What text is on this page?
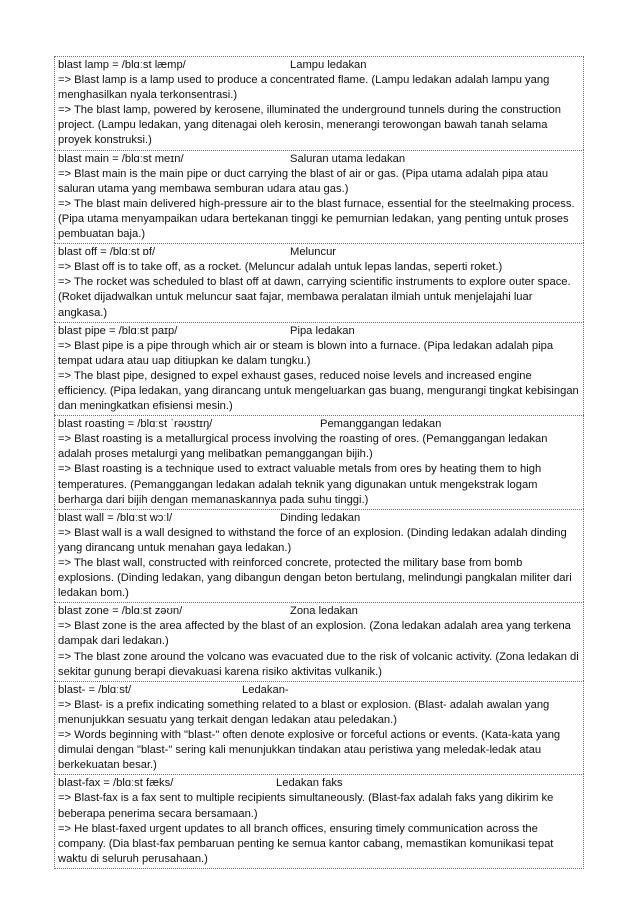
blast lamp = /blɑːst læmp/	Lampu ledakan
=> Blast lamp is a lamp used to produce a concentrated flame. (Lampu ledakan adalah lampu yang menghasilkan nyala terkonsentrasi.)
=> The blast lamp, powered by kerosene, illuminated the underground tunnels during the construction project. (Lampu ledakan, yang ditenagai oleh kerosin, menerangi terowongan bawah tanah selama proyek konstruksi.)
blast main = /blɑːst meɪn/	Saluran utama ledakan
=> Blast main is the main pipe or duct carrying the blast of air or gas. (Pipa utama adalah pipa atau saluran utama yang membawa semburan udara atau gas.)
=> The blast main delivered high-pressure air to the blast furnace, essential for the steelmaking process. (Pipa utama menyampaikan udara bertekanan tinggi ke pemurnian ledakan, yang penting untuk proses pembuatan baja.)
blast off = /blɑːst ɒf/	Meluncur
=> Blast off is to take off, as a rocket. (Meluncur adalah untuk lepas landas, seperti roket.)
=> The rocket was scheduled to blast off at dawn, carrying scientific instruments to explore outer space. (Roket dijadwalkan untuk meluncur saat fajar, membawa peralatan ilmiah untuk menjelajahi luar angkasa.)
blast pipe = /blɑːst paɪp/	Pipa ledakan
=> Blast pipe is a pipe through which air or steam is blown into a furnace. (Pipa ledakan adalah pipa tempat udara atau uap ditiupkan ke dalam tungku.)
=> The blast pipe, designed to expel exhaust gases, reduced noise levels and increased engine efficiency. (Pipa ledakan, yang dirancang untuk mengeluarkan gas buang, mengurangi tingkat kebisingan dan meningkatkan efisiensi mesin.)
blast roasting = /blɑːst ˈrəʊstɪŋ/	Pemanggangan ledakan
=> Blast roasting is a metallurgical process involving the roasting of ores. (Pemanggangan ledakan adalah proses metalurgi yang melibatkan pemanggangan bijih.)
=> Blast roasting is a technique used to extract valuable metals from ores by heating them to high temperatures. (Pemanggangan ledakan adalah teknik yang digunakan untuk mengekstrak logam berharga dari bijih dengan memanaskannya pada suhu tinggi.)
blast wall = /blɑːst wɔːl/	Dinding ledakan
=> Blast wall is a wall designed to withstand the force of an explosion. (Dinding ledakan adalah dinding yang dirancang untuk menahan gaya ledakan.)
=> The blast wall, constructed with reinforced concrete, protected the military base from bomb explosions. (Dinding ledakan, yang dibangun dengan beton bertulang, melindungi pangkalan militer dari ledakan bom.)
blast zone = /blɑːst zəʊn/	Zona ledakan
=> Blast zone is the area affected by the blast of an explosion. (Zona ledakan adalah area yang terkena dampak dari ledakan.)
=> The blast zone around the volcano was evacuated due to the risk of volcanic activity. (Zona ledakan di sekitar gunung berapi dievakuasi karena risiko aktivitas vulkanik.)
blast- = /blɑːst/	Ledakan-
=> Blast- is a prefix indicating something related to a blast or explosion. (Blast- adalah awalan yang menunjukkan sesuatu yang terkait dengan ledakan atau peledakan.)
=> Words beginning with "blast-" often denote explosive or forceful actions or events. (Kata-kata yang dimulai dengan "blast-" sering kali menunjukkan tindakan atau peristiwa yang meledak-ledak atau berkekuatan besar.)
blast-fax = /blɑːst fæks/	Ledakan faks
=> Blast-fax is a fax sent to multiple recipients simultaneously. (Blast-fax adalah faks yang dikirim ke beberapa penerima secara bersamaan.)
=> He blast-faxed urgent updates to all branch offices, ensuring timely communication across the company. (Dia blast-fax pembaruan penting ke semua kantor cabang, memastikan komunikasi tepat waktu di seluruh perusahaan.)
